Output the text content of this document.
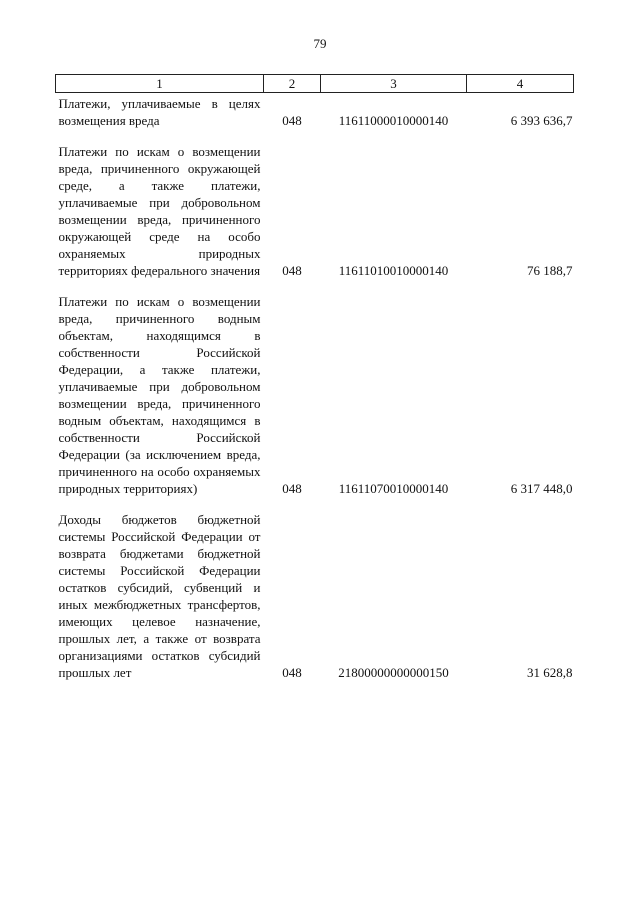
79
1	2	3	4
Платежи, уплачиваемые в целях возмещения вреда	048	11611000010000140	6 393 636,7
Платежи по искам о возмещении вреда, причиненного окружающей среде, а также платежи, уплачиваемые при добровольном возмещении вреда, причиненного окружающей среде на особо охраняемых природных территориях федерального значения	048	11611010010000140	76 188,7
Платежи по искам о возмещении вреда, причиненного водным объектам, находящимся в собственности Российской Федерации, а также платежи, уплачиваемые при добровольном возмещении вреда, причиненного водным объектам, находящимся в собственности Российской Федерации (за исключением вреда, причиненного на особо охраняемых природных территориях)	048	11611070010000140	6 317 448,0
Доходы бюджетов бюджетной системы Российской Федерации от возврата бюджетами бюджетной системы Российской Федерации остатков субсидий, субвенций и иных межбюджетных трансфертов, имеющих целевое назначение, прошлых лет, а также от возврата организациями остатков субсидий прошлых лет	048	21800000000000150	31 628,8
